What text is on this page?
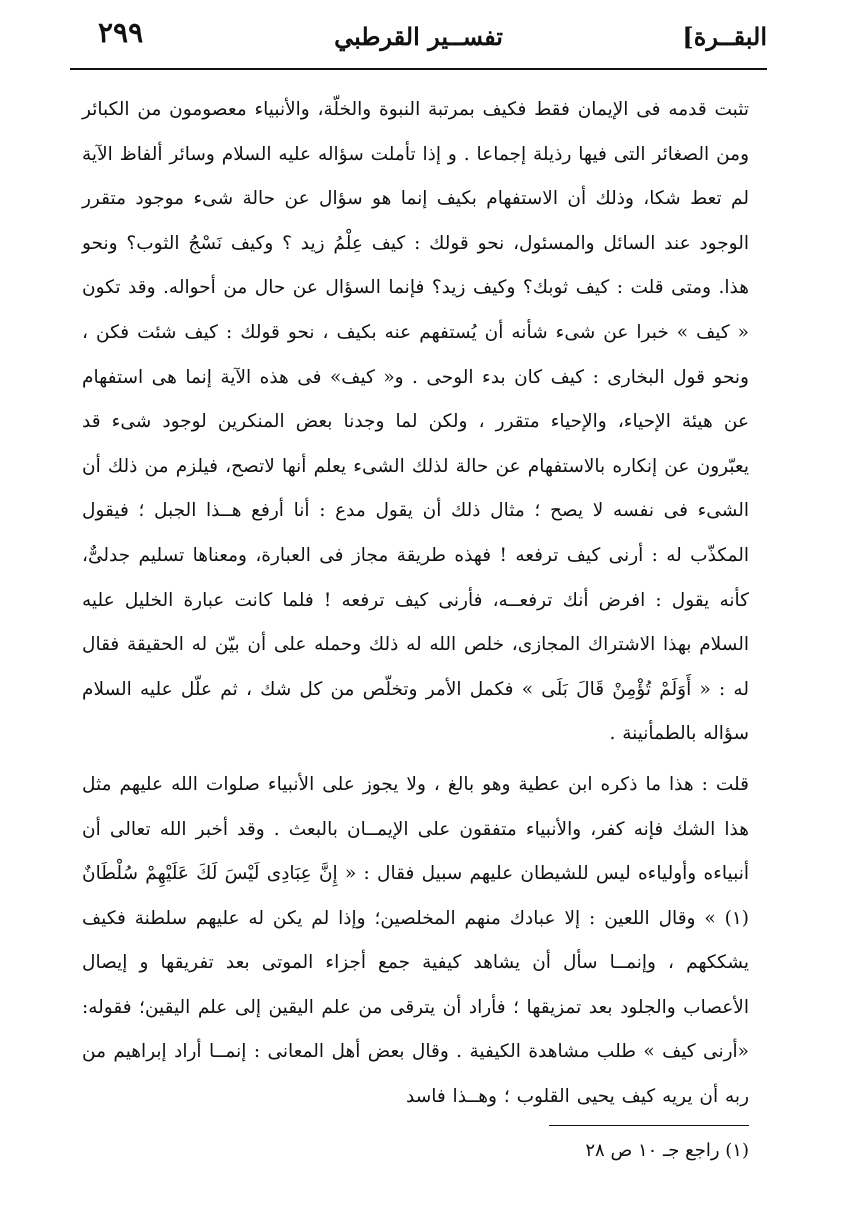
البقــرة]
تفســير القرطبي
٢٩٩

تثبت قدمه فى الإيمان فقط فكيف بمرتبة النبوة والخلّة، والأنبياء معصومون من الكبائر ومن الصغائر التى فيها رذيلة إجماعا . و إذا تأملت سؤاله عليه السلام وسائر ألفاظ الآية لم تعط شكا، وذلك أن الاستفهام بكيف إنما هو سؤال عن حالة شىء موجود متقرر الوجود عند السائل والمسئول، نحو قولك : كيف عِلْمُ زيد ؟ وكيف نَسْجُ الثوب؟ ونحو هذا. ومتى قلت : كيف ثوبك؟ وكيف زيد؟ فإنما السؤال عن حال من أحواله. وقد تكون « كيف » خبرا عن شىء شأنه أن يُستفهم عنه بكيف ، نحو قولك : كيف شئت فكن ، ونحو قول البخارى : كيف كان بدء الوحى . و« كيف» فى هذه الآية إنما هى استفهام عن هيئة الإحياء، والإحياء متقرر ، ولكن لما وجدنا بعض المنكرين لوجود شىء قد يعبّرون عن إنكاره بالاستفهام عن حالة لذلك الشىء يعلم أنها لاتصح، فيلزم من ذلك أن الشىء فى نفسه لا يصح ؛ مثال ذلك أن يقول مدع : أنا أرفع هــذا الجبل ؛ فيقول المكذّب له : أرنى كيف ترفعه ! فهذه طريقة مجاز فى العبارة، ومعناها تسليم جدلىٌّ، كأنه يقول : افرض أنك ترفعــه، فأرنى كيف ترفعه ! فلما كانت عبارة الخليل عليه السلام بهذا الاشتراك المجازى، خلص الله له ذلك وحمله على أن بيّن له الحقيقة فقال له : « أَوَلَمْ تُؤْمِنْ قَالَ بَلَى » فكمل الأمر وتخلّص من كل شك ، ثم علّل عليه السلام سؤاله بالطمأنينة .

قلت : هذا ما ذكره ابن عطية وهو بالغ ، ولا يجوز على الأنبياء صلوات الله عليهم مثل هذا الشك فإنه كفر، والأنبياء متفقون على الإيمــان بالبعث . وقد أخبر الله تعالى أن أنبياءه وأولياءه ليس للشيطان عليهم سبيل فقال : « إِنَّ عِبَادِى لَيْسَ لَكَ عَلَيْهِمْ سُلْطَانٌ (١) » وقال اللعين : إلا عبادك منهم المخلصين؛ وإذا لم يكن له عليهم سلطنة فكيف يشككهم ، وإنمــا سأل أن يشاهد كيفية جمع أجزاء الموتى بعد تفريقها و إيصال الأعصاب والجلود بعد تمزيقها ؛ فأراد أن يترقى من علم اليقين إلى علم اليقين؛ فقوله: «أرنى كيف » طلب مشاهدة الكيفية . وقال بعض أهل المعانى : إنمــا أراد إبراهيم من ربه أن يريه كيف يحيى القلوب ؛ وهــذا فاسد

(١) راجع جـ ١٠ ص ٢٨
